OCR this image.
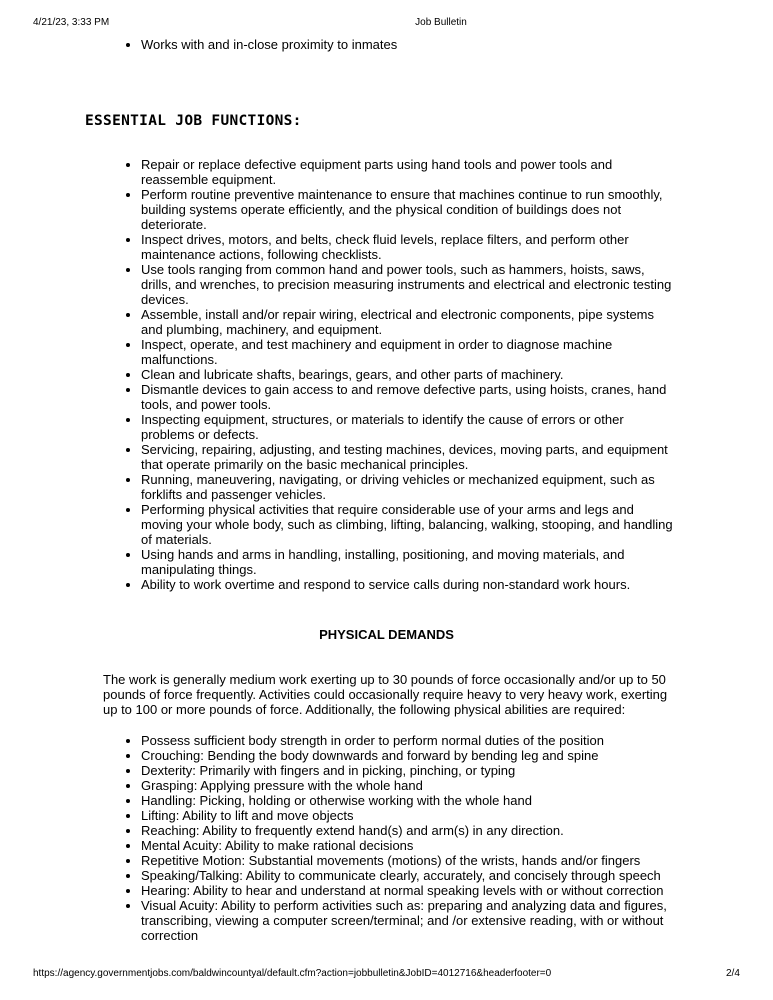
4/21/23, 3:33 PM	Job Bulletin
Works with and in-close proximity to inmates
ESSENTIAL JOB FUNCTIONS:
Repair or replace defective equipment parts using hand tools and power tools and reassemble equipment.
Perform routine preventive maintenance to ensure that machines continue to run smoothly, building systems operate efficiently, and the physical condition of buildings does not deteriorate.
Inspect drives, motors, and belts, check fluid levels, replace filters, and perform other maintenance actions, following checklists.
Use tools ranging from common hand and power tools, such as hammers, hoists, saws, drills, and wrenches, to precision measuring instruments and electrical and electronic testing devices.
Assemble, install and/or repair wiring, electrical and electronic components, pipe systems and plumbing, machinery, and equipment.
Inspect, operate, and test machinery and equipment in order to diagnose machine malfunctions.
Clean and lubricate shafts, bearings, gears, and other parts of machinery.
Dismantle devices to gain access to and remove defective parts, using hoists, cranes, hand tools, and power tools.
Inspecting equipment, structures, or materials to identify the cause of errors or other problems or defects.
Servicing, repairing, adjusting, and testing machines, devices, moving parts, and equipment that operate primarily on the basic mechanical principles.
Running, maneuvering, navigating, or driving vehicles or mechanized equipment, such as forklifts and passenger vehicles.
Performing physical activities that require considerable use of your arms and legs and moving your whole body, such as climbing, lifting, balancing, walking, stooping, and handling of materials.
Using hands and arms in handling, installing, positioning, and moving materials, and manipulating things.
Ability to work overtime and respond to service calls during non-standard work hours.
PHYSICAL DEMANDS

The work is generally medium work exerting up to 30 pounds of force occasionally and/or up to 50 pounds of force frequently. Activities could occasionally require heavy to very heavy work, exerting up to 100 or more pounds of force. Additionally, the following physical abilities are required:

Possess sufficient body strength in order to perform normal duties of the position
Crouching: Bending the body downwards and forward by bending leg and spine
Dexterity: Primarily with fingers and in picking, pinching, or typing
Grasping: Applying pressure with the whole hand
Handling: Picking, holding or otherwise working with the whole hand
Lifting: Ability to lift and move objects
Reaching: Ability to frequently extend hand(s) and arm(s) in any direction.
Mental Acuity: Ability to make rational decisions
Repetitive Motion: Substantial movements (motions) of the wrists, hands and/or fingers
Speaking/Talking: Ability to communicate clearly, accurately, and concisely through speech
Hearing: Ability to hear and understand at normal speaking levels with or without correction
Visual Acuity: Ability to perform activities such as: preparing and analyzing data and figures, transcribing, viewing a computer screen/terminal; and /or extensive reading, with or without correction
https://agency.governmentjobs.com/baldwincountyal/default.cfm?action=jobbulletin&JobID=4012716&headerfooter=0	2/4
